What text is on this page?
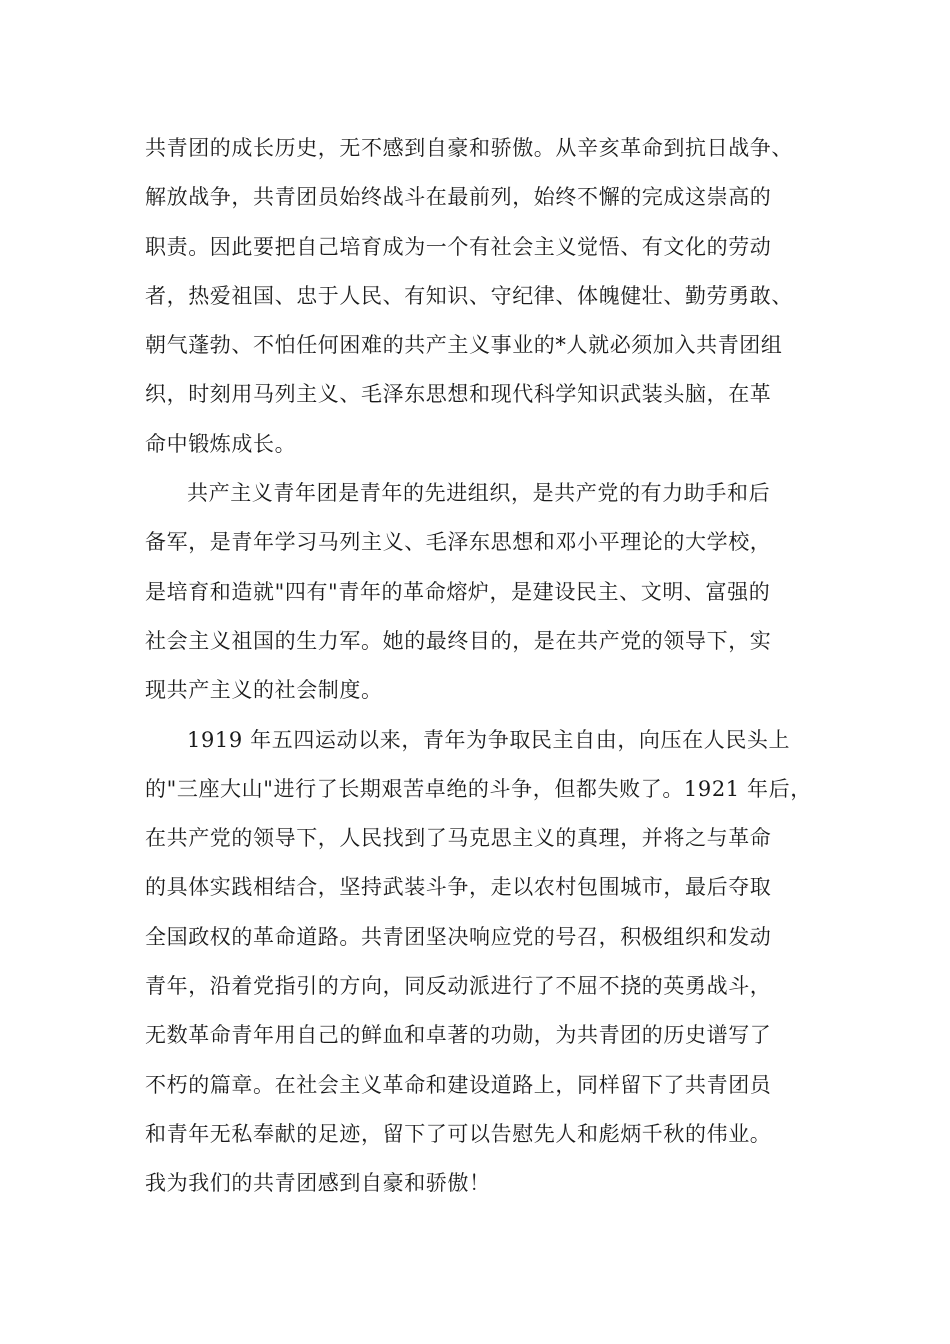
共青团的成长历史，无不感到自豪和骄傲。从辛亥革命到抗日战争、
解放战争，共青团员始终战斗在最前列，始终不懈的完成这崇高的
职责。因此要把自己培育成为一个有社会主义觉悟、有文化的劳动
者，热爱祖国、忠于人民、有知识、守纪律、体魄健壮、勤劳勇敢、
朝气蓬勃、不怕任何困难的共产主义事业的*人就必须加入共青团组
织，时刻用马列主义、毛泽东思想和现代科学知识武装头脑，在革
命中锻炼成长。
共产主义青年团是青年的先进组织，是共产党的有力助手和后
备军，是青年学习马列主义、毛泽东思想和邓小平理论的大学校，
是培育和造就"四有"青年的革命熔炉，是建设民主、文明、富强的
社会主义祖国的生力军。她的最终目的，是在共产党的领导下，实
现共产主义的社会制度。
1919 年五四运动以来，青年为争取民主自由，向压在人民头上
的"三座大山"进行了长期艰苦卓绝的斗争，但都失败了。1921 年后，
在共产党的领导下，人民找到了马克思主义的真理，并将之与革命
的具体实践相结合，坚持武装斗争，走以农村包围城市，最后夺取
全国政权的革命道路。共青团坚决响应党的号召，积极组织和发动
青年，沿着党指引的方向，同反动派进行了不屈不挠的英勇战斗，
无数革命青年用自己的鲜血和卓著的功勋，为共青团的历史谱写了
不朽的篇章。在社会主义革命和建设道路上，同样留下了共青团员
和青年无私奉献的足迹，留下了可以告慰先人和彪炳千秋的伟业。
我为我们的共青团感到自豪和骄傲！
